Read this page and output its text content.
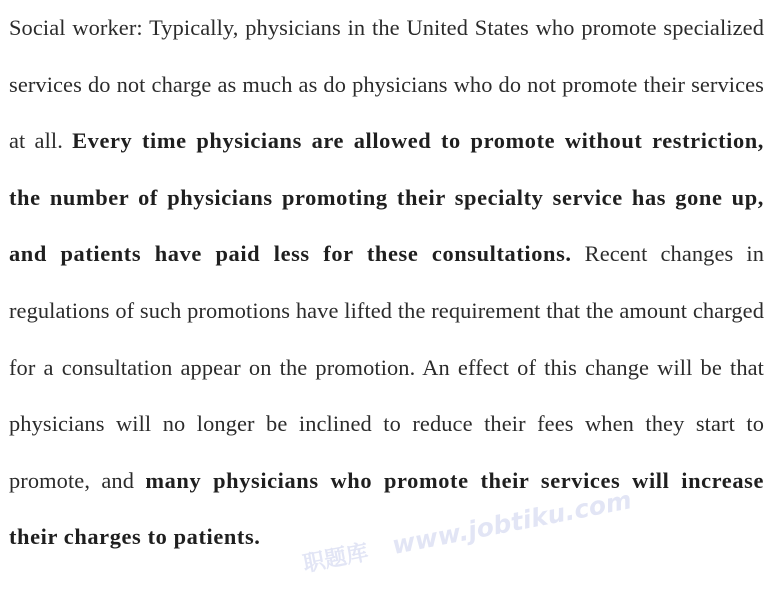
Social worker: Typically, physicians in the United States who promote specialized services do not charge as much as do physicians who do not promote their services at all. Every time physicians are allowed to promote without restriction, the number of physicians promoting their specialty service has gone up, and patients have paid less for these consultations. Recent changes in regulations of such promotions have lifted the requirement that the amount charged for a consultation appear on the promotion. An effect of this change will be that physicians will no longer be inclined to reduce their fees when they start to promote, and many physicians who promote their services will increase their charges to patients.

职题库 www.jobtiku.com
